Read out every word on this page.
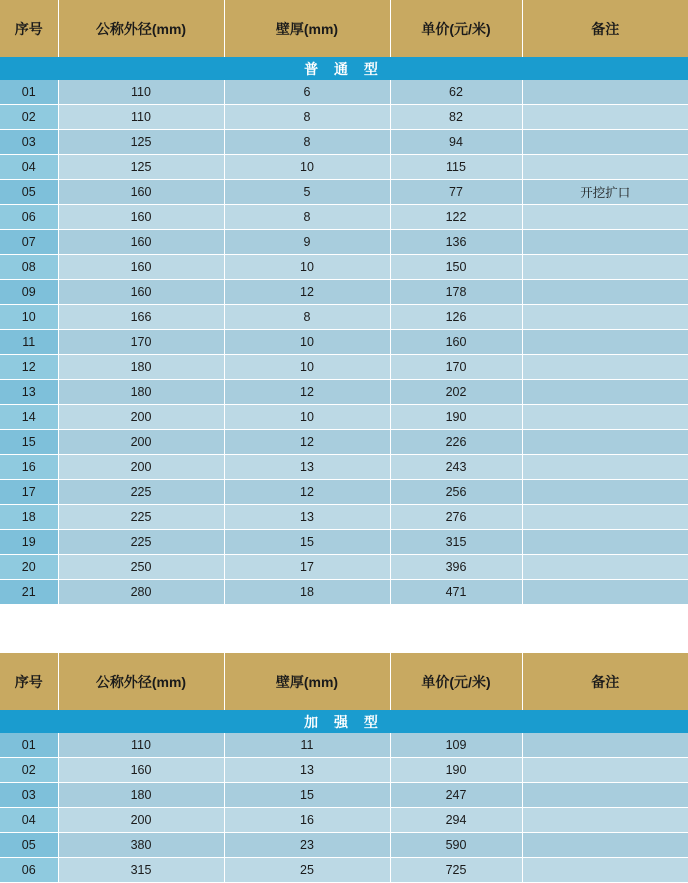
序号	公称外径(mm)	壁厚(mm)	单价(元/米)	备注
普 通 型				
01	110	6	62	
02	110	8	82	
03	125	8	94	
04	125	10	115	
05	160	5	77	开挖扩口
06	160	8	122	
07	160	9	136	
08	160	10	150	
09	160	12	178	
10	166	8	126	
11	170	10	160	
12	180	10	170	
13	180	12	202	
14	200	10	190	
15	200	12	226	
16	200	13	243	
17	225	12	256	
18	225	13	276	
19	225	15	315	
20	250	17	396	
21	280	18	471	
序号	公称外径(mm)	壁厚(mm)	单价(元/米)	备注
加 强 型				
01	110	11	109	
02	160	13	190	
03	180	15	247	
04	200	16	294	
05	380	23	590	
06	315	25	725	
